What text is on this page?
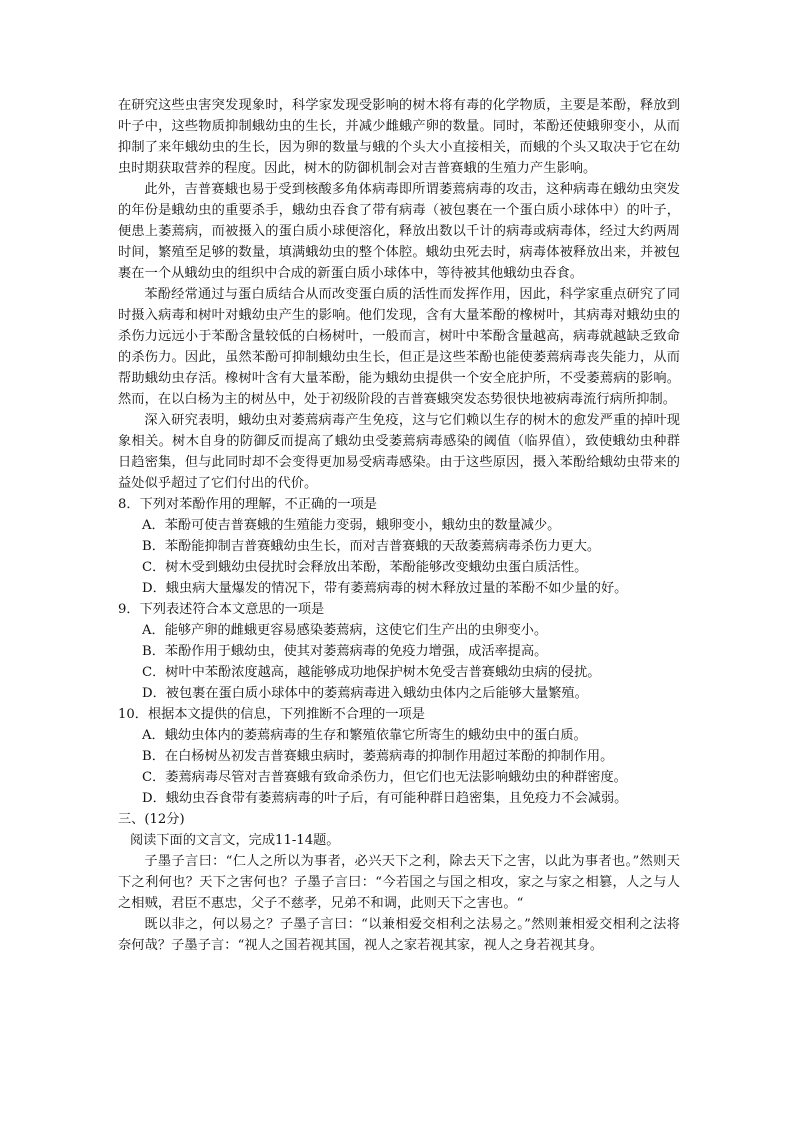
在研究这些虫害突发现象时，科学家发现受影响的树木将有毒的化学物质，主要是苯酚，释放到叶子中，这些物质抑制蛾幼虫的生长，并减少雌蛾产卵的数量。同时，苯酚还使蛾卵变小，从而抑制了来年蛾幼虫的生长，因为卵的数量与蛾的个头大小直接相关，而蛾的个头又取决于它在幼虫时期获取营养的程度。因此，树木的防御机制会对吉普赛蛾的生殖力产生影响。

此外，吉普赛蛾也易于受到核酸多角体病毒即所谓萎蔫病毒的攻击，这种病毒在蛾幼虫突发的年份是蛾幼虫的重要杀手，蛾幼虫吞食了带有病毒（被包裹在一个蛋白质小球体中）的叶子，便患上萎蔫病，而被摄入的蛋白质小球便溶化，释放出数以千计的病毒或病毒体，经过大约两周时间，繁殖至足够的数量，填满蛾幼虫的整个体腔。蛾幼虫死去时，病毒体被释放出来，并被包裹在一个从蛾幼虫的组织中合成的新蛋白质小球体中，等待被其他蛾幼虫吞食。

苯酚经常通过与蛋白质结合从而改变蛋白质的活性而发挥作用，因此，科学家重点研究了同时摄入病毒和树叶对蛾幼虫产生的影响。他们发现，含有大量苯酚的橡树叶，其病毒对蛾幼虫的杀伤力远远小于苯酚含量较低的白杨树叶，一般而言，树叶中苯酚含量越高，病毒就越缺乏致命的杀伤力。因此，虽然苯酚可抑制蛾幼虫生长，但正是这些苯酚也能使萎蔫病毒丧失能力，从而帮助蛾幼虫存活。橡树叶含有大量苯酚，能为蛾幼虫提供一个安全庇护所，不受萎蔫病的影响。然而，在以白杨为主的树丛中，处于初级阶段的吉普赛蛾突发态势很快地被病毒流行病所抑制。

深入研究表明，蛾幼虫对萎蔫病毒产生免疫，这与它们赖以生存的树木的愈发严重的掉叶现象相关。树木自身的防御反而提高了蛾幼虫受萎蔫病毒感染的阈值（临界值），致使蛾幼虫种群日趋密集，但与此同时却不会变得更加易受病毒感染。由于这些原因，摄入苯酚给蛾幼虫带来的益处似乎超过了它们付出的代价。

8．下列对苯酚作用的理解，不正确的一项是

A．苯酚可使吉普赛蛾的生殖能力变弱，蛾卵变小，蛾幼虫的数量减少。

B．苯酚能抑制吉普赛蛾幼虫生长，而对吉普赛蛾的天敌萎蔫病毒杀伤力更大。

C．树木受到蛾幼虫侵扰时会释放出苯酚，苯酚能够改变蛾幼虫蛋白质活性。

D．蛾虫病大量爆发的情况下，带有萎蔫病毒的树木释放过量的苯酚不如少量的好。

9．下列表述符合本文意思的一项是

A．能够产卵的雌蛾更容易感染萎蔫病，这使它们生产出的虫卵变小。

B．苯酚作用于蛾幼虫，使其对萎蔫病毒的免疫力增强，成活率提高。

C．树叶中苯酚浓度越高，越能够成功地保护树木免受吉普赛蛾幼虫病的侵扰。

D．被包裹在蛋白质小球体中的萎蔫病毒进入蛾幼虫体内之后能够大量繁殖。

10．根据本文提供的信息，下列推断不合理的一项是

A．蛾幼虫体内的萎蔫病毒的生存和繁殖依靠它所寄生的蛾幼虫中的蛋白质。

B．在白杨树丛初发吉普赛蛾虫病时，萎蔫病毒的抑制作用超过苯酚的抑制作用。

C．萎蔫病毒尽管对吉普赛蛾有致命杀伤力，但它们也无法影响蛾幼虫的种群密度。

D．蛾幼虫吞食带有萎蔫病毒的叶子后，有可能种群日趋密集，且免疫力不会减弱。

三、(12分)

阅读下面的文言文，完成11-14题。

子墨子言曰：“仁人之所以为事者，必兴天下之利，除去天下之害，以此为事者也。”然则天下之利何也？天下之害何也？子墨子言曰：“今若国之与国之相攻，家之与家之相篡，人之与人之相贼，君臣不惠忠，父子不慈孝，兄弟不和调，此则天下之害也。“

既以非之，何以易之？子墨子言曰：“以兼相爱交相利之法易之。”然则兼相爱交相利之法将奈何哉？子墨子言：“视人之国若视其国，视人之家若视其家，视人之身若视其身。
